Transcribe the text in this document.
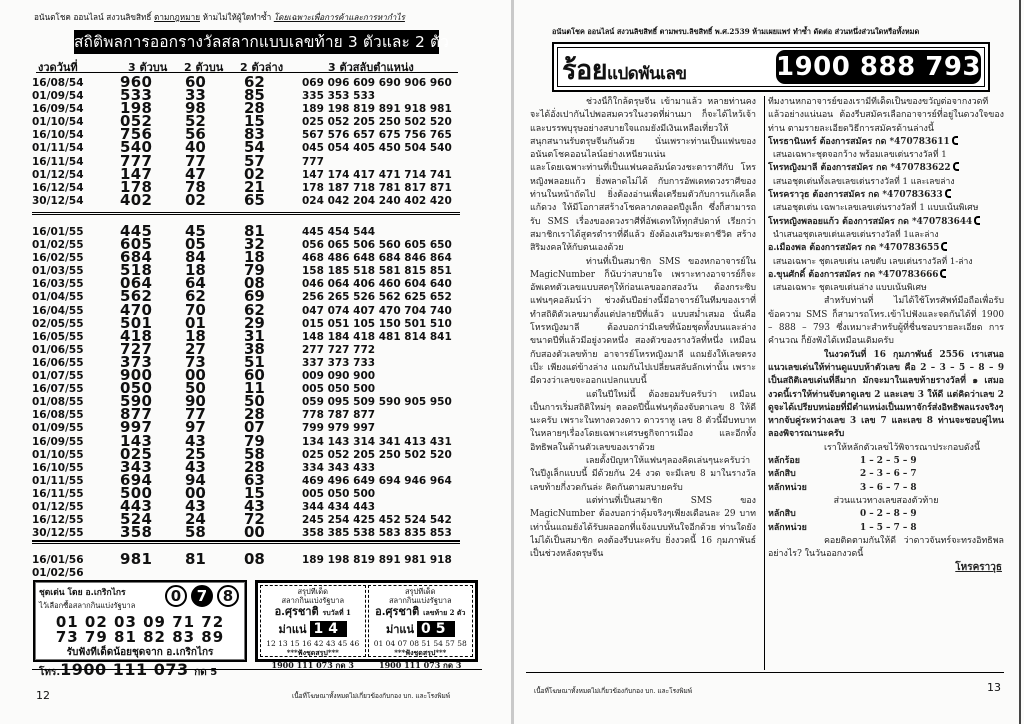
อนันตโชค ออนไลน์ สงวนลิขสิทธิ์ ตามกฎหมาย ห้ามไม่ให้ผู้ใดทำซ้ำ โดยเฉพาะเพื่อการค้าและการหากำไร
สถิติพลการออกรางวัลสลากแบบเลขท้าย 3 ตัวและ 2 ตัว
งวดวันที่	3 ตัวบน 2 ตัวบน 2 ตัวล่าง	3 ตัวสลับตำแหน่ง
16/08/54 960 60	62	069 096 609 690 906 960
01/09/54 533 33	85	335 353 533
16/09/54 198 98	28	189 198 819 891 918 981
01/10/54 052 52	15	025 052 205 250 502 520
16/10/54 756 56	83	567 576 657 675 756 765
01/11/54 540 40	54	045 054 405 450 504 540
16/11/54 777 77	57	777
01/12/54 147 47	02	147 174 417 471 714 741
16/12/54 178 78	21	178 187 718 781 817 871
30/12/54 402 02	65	024 042 204 240 402 420
16/01/55 445 45	81	445 454 544
01/02/55 605 05	32	056 065 506 560 605 650
16/02/55 684 84	18	468 486 648 684 846 864
01/03/55 518 18	79	158 185 518 581 815 851
16/03/55 064 64	08	046 064 406 460 604 640
01/04/55 562 62	69	256 265 526 562 625 652
16/04/55 470 70	62	047 074 407 470 704 740
02/05/55 501 01	29	015 051 105 150 501 510
16/05/55 418 18	31	148 184 418 481 814 841
01/06/55 727 27	38	277 727 772
16/06/55 373 73	51	337 373 733
01/07/55 900 00	60	009 090 900
16/07/55 050 50	11	005 050 500
01/08/55 590 90	50	059 095 509 590 905 950
16/08/55 877 77	28	778 787 877
01/09/55 997 97	07	799 979 997
16/09/55 143 43	79	134 143 314 341 413 431
01/10/55 025 25	58	025 052 205 250 502 520
16/10/55 343 43	28	334 343 433
01/11/55 694 94	63	469 496 649 694 946 964
16/11/55 500 00	15	005 050 500
01/12/55 443 43	43	344 434 443
16/12/55 524 24	72	245 254 425 452 524 542
30/12/55 358 58	00	358 385 538 583 835 853
16/01/56 981 81	08	189 198 819 891 981 918
01/02/56
ชุดเด่น โดย อ.เกริกไกร
ไว้เลือกซื้อสลากกินแบ่งรัฐบาล
0	7	8
01 02 03 09 71 72
73 79 81 82 83 89
รับฟังทีเด็ดน้อยชุดจาก อ.เกริกไกร
โทร.1900 111 073 กด 5
สรุปทีเด็ด
สลากกินแบ่งรัฐบาล
อ.ศุรชาติ รบวัลที่ 1
ม่าแน่ 14
12 13 15 16 42 43 45 46
***ฟังชุดสรุป***
1900 111 073 กด 3
สรุปทีเด็ด
สลากกินแบ่งรัฐบาล
อ.ศุรชาติ เลขท้าย 2 ตัว
ม่าแน่ 05
01 04 07 08 51 54 57 58
***ฟังชุดสรุป***
1900 111 073 กด 3
12	เนื้อที่โฆษณาทั้งหมดไม่เกี่ยวข้องกับกอง บก. และโรงพิมพ์
อนันตโชค ออนไลน์ สงวนลิขสิทธิ์ ตามพรบ.ลิขสิทธิ์ พ.ศ.2539 ห้ามเผยแพร่ ทำซ้ำ ดัดต่อ ส่วนหนึ่งส่วนใดหรือทั้งหมด
ร้อยแปดพันเลข	1900 888 793

ช่วงนี้ก็ใกล้ตรุษจีน เข้ามาแล้ว หลายท่านคงจะได้อั่งเปากันไปพอสมควรในงวดที่ผ่านมา ก็จะได้ไหว้เจ้าและบรรพบุรุษอย่างสบายใจแถมยังมีเงินเหลือเที่ยวให้สนุกสนานรับตรุษจีนกันด้วย นั่นเพราะท่านเป็นแฟนของอนันตโชคออนไลน์อย่างเหนียวแน่น

และโดยเฉพาะท่านที่เป็นแฟนคอลัมน์ดวงชะตาราศีกับ โหรหญิงพลอยแก้ว ยิ่งพลาดไม่ได้ กับการอัพเดทดวงราศีของท่านในหน้าถัดไป ยิ่งต้องอ่านเพื่อเตรียมตัวกับการแก้เคล็ดแก้ดวง ให้มีโอกาสสร้างโชคลาภตลอดปีงูเล็ก ซึ่งก็สามารถรับ SMS เรื่องของดวงราศีที่อัพเดทให้ทุกสัปดาห์ เรียกว่าสมาชิกเราได้สูตรตำราที่ดีแล้ว ยังต้องเสริมชะตาชีวิต สร้างสิริมงคลให้กับตนเองด้วย

ท่านที่เป็นสมาชิก SMS ของหกอาจารย์ใน MagicNumber ก็นับว่าสบายใจ เพราะทางอาจารย์ก็จะอัพเดทตัวเลขแบบสดๆให้ก่อนเลขออกสองวัน ต้องกระซิบแฟนๆคอลัมน์ว่า ช่วงต้นปีอย่างนี้มีอาจารย์ในทีมของเราที่ทำสถิติตัวเลขมาตั้งแต่ปลายปีที่แล้ว แบบสม่ำเสมอ นั่นคือ โหรหญิงมาลี ต้องบอกว่ามีเลขที่น้อยชุดทั้งบนและล่าง ขนาดปีที่แล้วมีอยู่งวดหนึ่ง สองตัวของรางวัลที่หนึ่ง เหมือนกับสองตัวเลขท้าย อาจารย์โหรหญิงมาลี แถมยังให้เลขตรงเป๊ะ เพียงแต่ข้างล่าง แถมกันไปเปลี่ยนสลับลักเท่านั้น เพราะมีดวงว่าเลขจะออกแปลกแบบนี้

แต่ในปีใหม่นี้ ต้องยอมรับครับว่า เหมือนเป็นการเริ่มสถิติใหม่ๆ ตลอดปีนี้แฟนๆต้องจับตาเลข 8 ให้ดีนะครับ เพราะในทางดวงดาว ดาวราหู เลข 8 ตัวนี้มีบทบาทในหลายๆเรื่องโดยเฉพาะเศรษฐกิจการเมือง และอีกทั้งอิทธิพลในด้านตัวเลขของเราด้วย

เลยตั้งปัญหาให้แฟนๆลองคิดเล่นๆนะครับว่า ในปีงูเล็กแบบนี้ มีด้วยกัน 24 งวด จะมีเลข 8 มาในรางวัลเลขท้ายกี่งวดกันล่ะ คิดกันตามสบายครับ

แต่ท่านที่เป็นสมาชิก SMS ของ MagicNumber ต้องบอกว่าคุ้มจริงๆเพียงเดือนละ 29 บาทเท่านั้นแถมยังได้รับผลออกที่แจ้งแบบทันใจอีกด้วย ท่านใดยังไม่ได้เป็นสมาชิก คงต้องรีบนะครับ ยิ่งงวดนี้ 16 กุมภาพันธ์เป็นช่วงหลังตรุษจีน

ทีมงานหกอาจารย์ของเรามีทีเด็ดเป็นของขวัญต่อจากงวดที่แล้วอย่างแน่นอน ต้องรีบสมัครเลือกอาจารย์ที่อยู่ในดวงใจของท่าน ตามรายละเอียดวิธีการสมัครด้านล่างนี้

โหรธานินทร์ ต้องการสมัคร กด *470783611
เสนอเฉพาะชุดจอกว้าง พร้อมเลขเด่นรางวัลที่ 1
โหรหญิงมาลี ต้องการสมัคร กด *470783622
เสนอชุดเด่นทั้งเลขเลขเด่นรางวัลที่ 1 และเลขล่าง
โหรคราวุธ ต้องการสมัคร กด *470783633
เสนอชุดเด่น เฉพาะเลขเลขเด่นรางวัลที่ 1 แบบเน้นพิเศษ
โหรหญิงพลอยแก้ว ต้องการสมัคร กด *470783644
นำเสนอชุดเลขเด่นเลขเด่นรางวัลที่ 1และล่าง
อ.เมืองพล ต้องการสมัคร กด *470783655
เสนอเฉพาะ ชุดเลขเด่น เลขดับ เลขเด่นรางวัลที่ 1-ล่าง
อ.ขุนศักดิ์ ต้องการสมัคร กด *470783666
เสนอเฉพาะ ชุดเลขเด่นล่าง แบบเน้นพิเศษ

สำหรับท่านที่ ไม่ได้ใช้โทรศัพท์มือถือเพื่อรับข้อความ SMS ก็สามารถโทร.เข้าไปฟังและจดกันได้ที่ 1900 – 888 – 793 ซึ่งเหมาะสำหรับผู้ที่ชื่นชอบรายละเอียด การคำนวณ ก็ยังฟังได้เหมือนเดิมครับ

ในงวดวันที่ 16 กุมภาพันธ์ 2556 เราเสนอแนวเลขเด่นให้ท่านดูแบบห้าตัวเลข คือ 2 – 3 – 5 – 8 – 9 เป็นสถิติเลขเด่นที่ลีมาก มักจะมาในเลขท้ายรางวัลที่ ๑ เสมอ งวดนี้เราให้ท่านจับตาดูเลข 2 และเลข 3 ให้ดี แต่คิดว่าเลข 2 ดูจะได้เปรียบหน่อยที่มีตำแหน่งเป็นมหาจักร์ส่งอิทธิพลแรงจริงๆ หากจับคู่ระหว่างเลข 3 เลข 7 และเลข 8 ท่านจะชอบคู่ไหน ลองพิจารณานะครับ

เราให้หลักตัวเลขไว้พิจารณาประกอบดังนี้

หลักร้อย	1 – 2 – 5 – 9
หลักสิบ	2 – 3 – 6 – 7
หลักหน่วย	3 – 6 – 7 – 8
ส่วนแนวทางเลขสองตัวท้าย
หลักสิบ	0 – 2 – 8 – 9
หลักหน่วย	1 – 5 – 7 – 8

คอยติดตามกันให้ดี ว่าดาวจันทร์จะทรงอิทธิพลอย่างไร? ในวันออกงวดนี้

โหรคราวุธ
เนื้อที่โฆษณาทั้งหมดไม่เกี่ยวข้องกับกอง บก. และโรงพิมพ์	13
